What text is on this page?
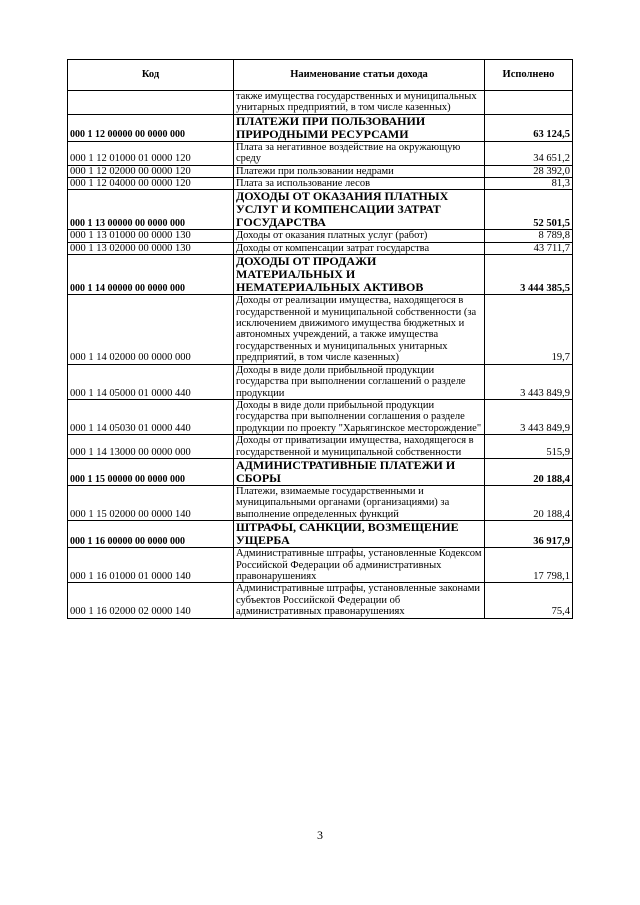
Код	Наименование статьи дохода	Исполнено
	также имущества государственных и муниципальных унитарных предприятий, в том числе казенных)	
000 1 12 00000 00 0000 000	ПЛАТЕЖИ ПРИ ПОЛЬЗОВАНИИ ПРИРОДНЫМИ РЕСУРСАМИ	63 124,5
000 1 12 01000 01 0000 120	Плата за негативное воздействие на окружающую среду	34 651,2
000 1 12 02000 00 0000 120	Платежи при пользовании недрами	28 392,0
000 1 12 04000 00 0000 120	Плата за использование лесов	81,3
000 1 13 00000 00 0000 000	ДОХОДЫ ОТ ОКАЗАНИЯ ПЛАТНЫХ УСЛУГ И КОМПЕНСАЦИИ ЗАТРАТ ГОСУДАРСТВА	52 501,5
000 1 13 01000 00 0000 130	Доходы от оказания платных услуг (работ)	8 789,8
000 1 13 02000 00 0000 130	Доходы от компенсации затрат государства	43 711,7
000 1 14 00000 00 0000 000	ДОХОДЫ ОТ ПРОДАЖИ МАТЕРИАЛЬНЫХ И НЕМАТЕРИАЛЬНЫХ АКТИВОВ	3 444 385,5
000 1 14 02000 00 0000 000	Доходы от реализации имущества, находящегося в государственной и муниципальной собственности (за исключением движимого имущества бюджетных и автономных учреждений, а также имущества государственных и муниципальных унитарных предприятий, в том числе казенных)	19,7
000 1 14 05000 01 0000 440	Доходы в виде доли прибыльной продукции государства при выполнении соглашений о разделе продукции	3 443 849,9
000 1 14 05030 01 0000 440	Доходы в виде доли прибыльной продукции государства при выполнении соглашения о разделе продукции по проекту "Харьягинское месторождение"	3 443 849,9
000 1 14 13000 00 0000 000	Доходы от приватизации имущества, находящегося в государственной и муниципальной собственности	515,9
000 1 15 00000 00 0000 000	АДМИНИСТРАТИВНЫЕ ПЛАТЕЖИ И СБОРЫ	20 188,4
000 1 15 02000 00 0000 140	Платежи, взимаемые государственными и муниципальными органами (организациями) за выполнение определенных функций	20 188,4
000 1 16 00000 00 0000 000	ШТРАФЫ, САНКЦИИ, ВОЗМЕЩЕНИЕ УЩЕРБА	36 917,9
000 1 16 01000 01 0000 140	Административные штрафы, установленные Кодексом Российской Федерации об административных правонарушениях	17 798,1
000 1 16 02000 02 0000 140	Административные штрафы, установленные законами субъектов Российской Федерации об административных правонарушениях	75,4
3
